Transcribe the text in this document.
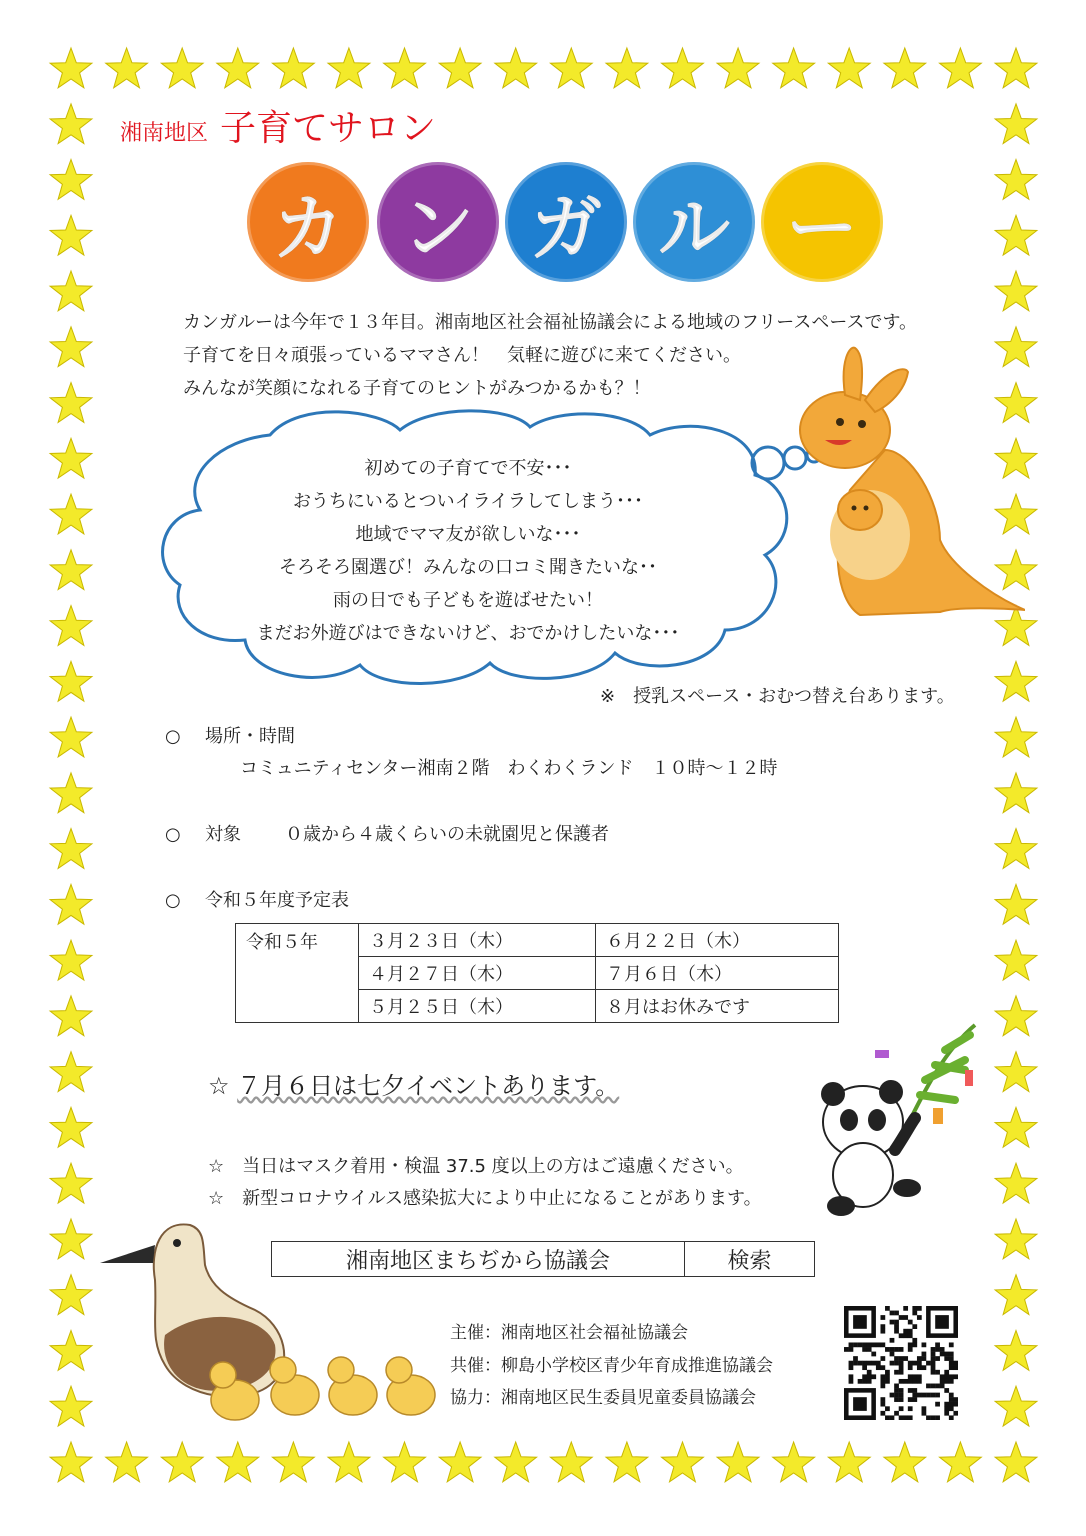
湘南地区 子育てサロン
カ ン ガ ル ー
カンガルーは今年で１３年目。湘南地区社会福祉協議会による地域のフリースペースです。
子育てを日々頑張っているママさん！　気軽に遊びに来てください。
みんなが笑顔になれる子育てのヒントがみつかるかも？！
初めての子育てで不安･･･
おうちにいるとついイライラしてしまう･･･
地域でママ友が欲しいな･･･
そろそろ園選び！みんなの口コミ聞きたいな･･
雨の日でも子どもを遊ばせたい！
まだお外遊びはできないけど、おでかけしたいな･･･
※　授乳スペース・おむつ替え台あります。
○ 場所・時間
コミュニティセンター湘南２階　わくわくランド　１０時～１２時
○ 対象 ０歳から４歳くらいの未就園児と保護者
○ 令和５年度予定表
令和５年	３月２３日（木）	６月２２日（木）
	４月２７日（木）	７月６日（木）
	５月２５日（木）	８月はお休みです
☆ ７月６日は七夕イベントあります。
☆　 当日はマスク着用・検温 37.5 度以上の方はご遠慮ください。
☆　 新型コロナウイルス感染拡大により中止になることがあります。
湘南地区まちぢから協議会	検索
主催：湘南地区社会福祉協議会
共催：柳島小学校区青少年育成推進協議会
協力：湘南地区民生委員児童委員協議会
